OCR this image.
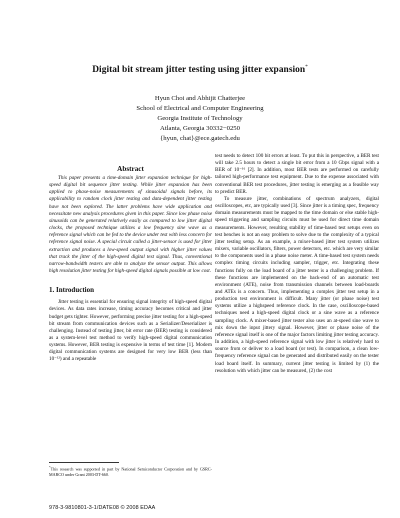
Digital bit stream jitter testing using jitter expansion*
Hyun Choi and Abhijit Chatterjee
School of Electrical and Computer Engineering
Georgia Institute of Technology
Atlanta, Georgia 30332−0250
{hyun, chat}@ece.gatech.edu
Abstract

This paper presents a time-domain jitter expansion technique for high-speed digital bit sequence jitter testing. While jitter expansion has been applied to phase-noise measurements of sinusoidal signals before, its applicability to random clock jitter testing and data-dependent jitter testing have not been explored. The latter problems have wide application and necessitate new analysis procedures given in this paper. Since low phase noise sinusoids can be generated relatively easily as compared to low jitter digital clocks, the proposed technique utilizes a low frequency sine wave as a reference signal which can be fed to the device under test with less concern for reference signal noise. A special circuit called a jitter-sensor is used for jitter extraction and produces a low-speed output signal with higher jitter values that track the jitter of the high-speed digital test signal. Thus, conventional narrow-bandwidth testers are able to analyze the sensor output. This allows high resolution jitter testing for high-speed digital signals possible at low cost.

1. Introduction

Jitter testing is essential for ensuring signal integrity of high-speed digital devices. As data rates increase, timing accuracy becomes critical and jitter budget gets tighter. However, performing precise jitter testing for a high-speed bit stream from communication devices such as a Serializer/Deserializer is challenging. Instead of testing jitter, bit error rate (BER) testing is considered as a system-level test method to verify high-speed digital communication systems. However, BER testing is expensive in terms of test time [1]. Modern digital communication systems are designed for very low BER (less than 10⁻¹²) and a repeatable

test needs to detect 100 bit errors at least. To put this in perspective, a BER test will take 2.5 hours to detect a single bit error from a 10 Gbps signal with a BER of 10⁻¹⁶ [2]. In addition, most BER tests are performed on carefully tailored high-performance test equipment. Due to the expense associated with conventional BER test procedures, jitter testing is emerging as a feasible way to predict BER.

To measure jitter, combinations of spectrum analyzers, digital oscilloscopes, etc, are typically used [3]. Since jitter is a timing spec, frequency domain measurements must be mapped to the time domain or else stable high-speed triggering and sampling circuits must be used for direct time domain measurements. However, resulting stability of time-based test setups even on test benches is not an easy problem to solve due to the complexity of a typical jitter testing setup. As an example, a mixer-based jitter test system utilizes mixers, variable oscillators, filters, power detectors, etc. which are very similar to the components used in a phase noise meter. A time-based test system needs complex timing circuits including sampler, trigger, etc. Integrating these functions fully on the load board of a jitter tester is a challenging problem. If these functions are implemented on the back-end of an automatic test environment (ATE), noise from transmission channels between load-boards and ATEs is a concern. Thus, implementing a complex jitter test setup in a production test environment is difficult. Many jitter (or phase noise) test systems utilize a highspeed reference clock. In the case, oscilloscope-based techniques need a high-speed digital clock or a sine wave as a reference sampling clock. A mixer-based jitter tester also uses an at-speed sine wave to mix down the input jittery signal. However, jitter or phase noise of the reference signal itself is one of the major factors limiting jitter testing accuracy. In addition, a high-speed reference signal with low jitter is relatively hard to source from or deliver to a load board (or test). In comparison, a clean low-frequency reference signal can be generated and distributed easily on the tester load board itself. In summary, current jitter testing is limited by (1) the resolution with which jitter can be measured, (2) the cost

*This research was supported in part by National Semiconductor Corporation and by GSRC-MARCO under Grant 2003-DT-660.
978-3-9810801-3-1/DATE08 © 2008 EDAA
